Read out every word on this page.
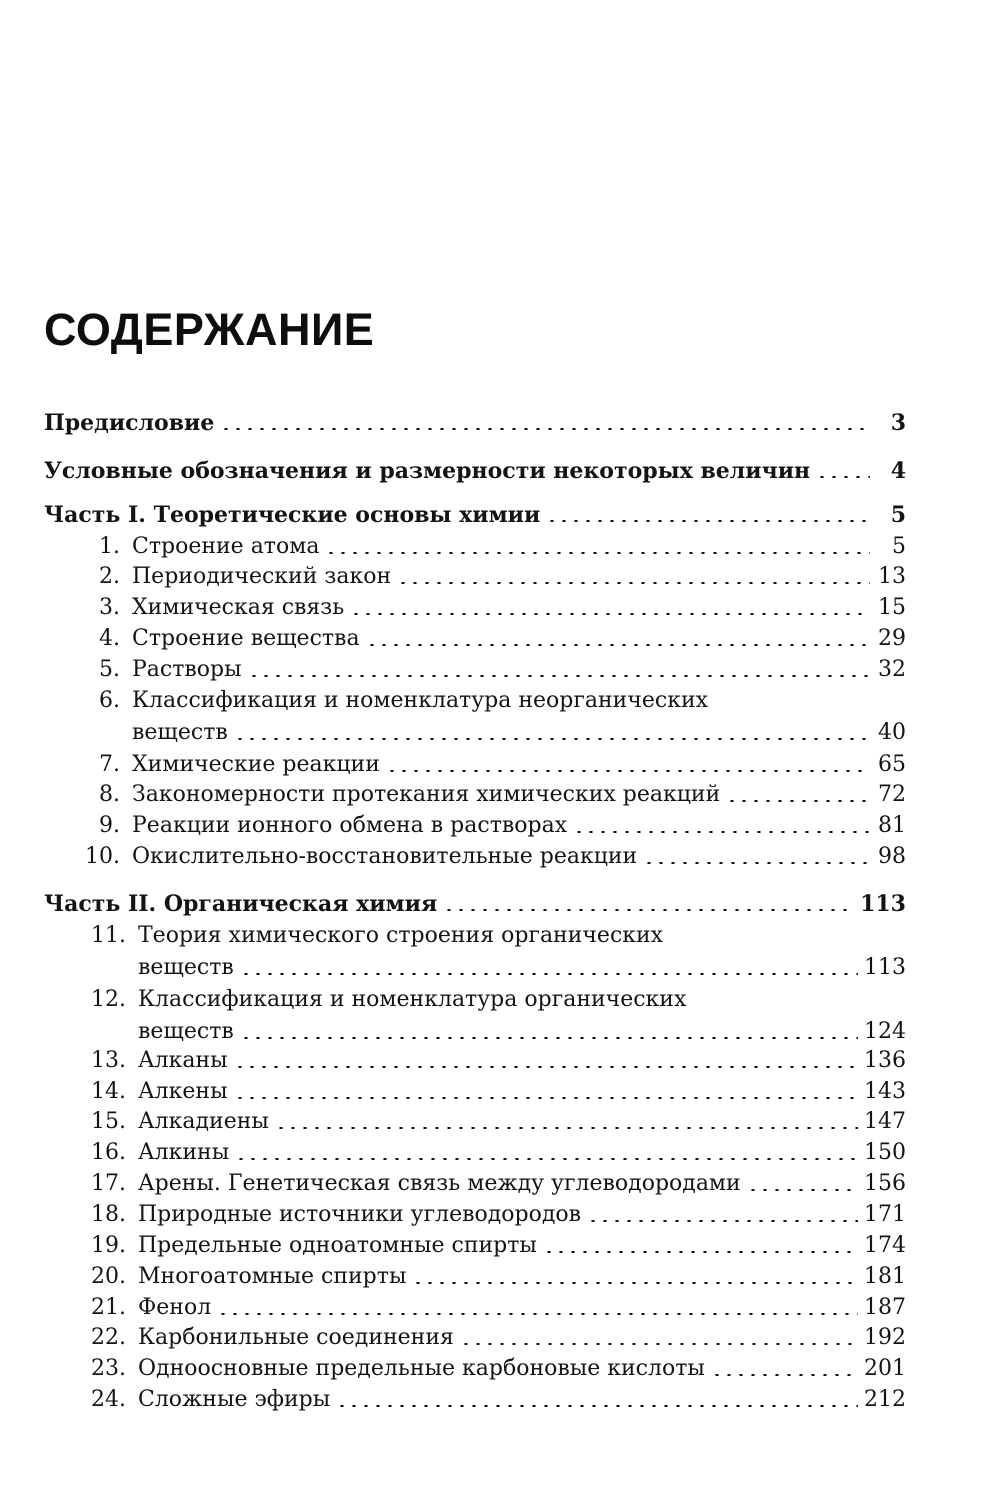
СОДЕРЖАНИЕ
Предисловие	3
Условные обозначения и размерности некоторых величин	4
Часть I. Теоретические основы химии	5
1. Строение атома	5
2. Периодический закон	13
3. Химическая связь	15
4. Строение вещества	29
5. Растворы	32
6. Классификация и номенклатура неорганических
веществ	40
7. Химические реакции	65
8. Закономерности протекания химических реакций	72
9. Реакции ионного обмена в растворах	81
10. Окислительно-восстановительные реакции	98
Часть II. Органическая химия	113
11. Теория химического строения органических
веществ	113
12. Классификация и номенклатура органических
веществ	124
13. Алканы	136
14. Алкены	143
15. Алкадиены	147
16. Алкины	150
17. Арены. Генетическая связь между углеводородами	156
18. Природные источники углеводородов	171
19. Предельные одноатомные спирты	174
20. Многоатомные спирты	181
21. Фенол	187
22. Карбонильные соединения	192
23. Одноосновные предельные карбоновые кислоты	201
24. Сложные эфиры	212
